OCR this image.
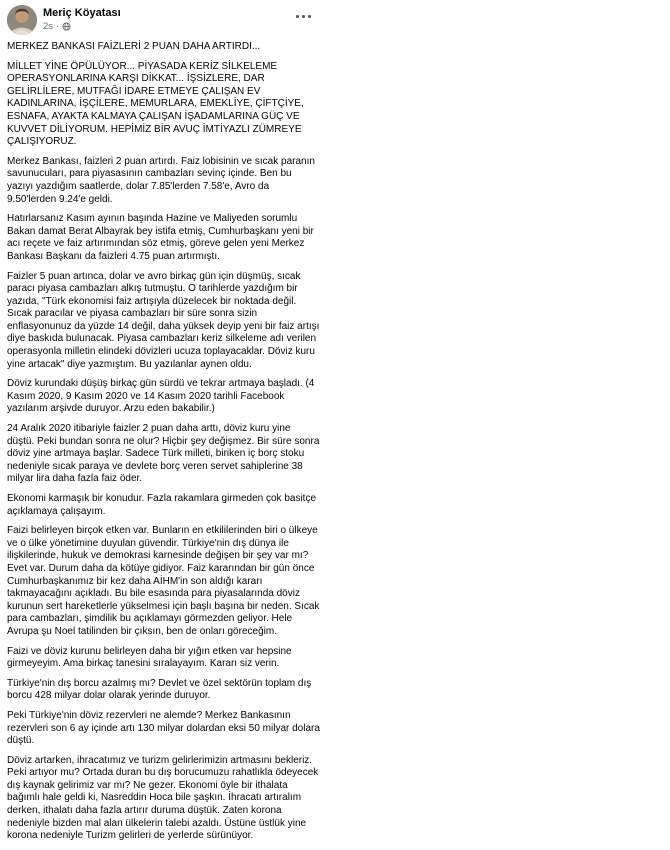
Meriç Köyatası
2s ·

MERKEZ BANKASI FAİZLERİ 2 PUAN DAHA ARTIRDI...

MİLLET YİNE ÖPÜLÜYOR... PİYASADA KERİZ SİLKELEME OPERASYONLARINA KARŞI DİKKAT... İŞSİZLERE, DAR GELİRLİLERE, MUTFAĞI İDARE ETMEYE ÇALIŞAN EV KADINLARINA, İŞÇİLERE, MEMURLARA, EMEKLİYE, ÇİFTÇİYE, ESNAFA, AYAKTA KALMAYA ÇALIŞAN İŞADAMLARINA GÜÇ VE KUVVET DİLİYORUM. HEPİMİZ BİR AVUÇ İMTİYAZLI ZÜMREYE ÇALIŞIYORUZ.

Merkez Bankası, faizleri 2 puan artırdı. Faiz lobisinin ve sıcak paranın savunucuları, para piyasasının cambazları sevinç içinde. Ben bu yazıyı yazdığım saatlerde, dolar 7.85'lerden 7.58'e, Avro da 9.50'lerden 9.24'e geldi.

Hatırlarsanız Kasım ayının başında Hazine ve Maliyeden sorumlu Bakan damat Berat Albayrak bey istifa etmiş, Cumhurbaşkanı yeni bir acı reçete ve faiz artırımından söz etmiş, göreve gelen yeni Merkez Bankası Başkanı da faizleri 4.75 puan artırmıştı.

Faizler 5 puan artınca, dolar ve avro birkaç gün için düşmüş, sıcak paracı piyasa cambazları alkış tutmuştu. O tarihlerde yazdığım bir yazıda, "Türk ekonomisi faiz artışıyla düzelecek bir noktada değil. Sıcak paracılar ve piyasa cambazları bir süre sonra sizin enflasyonunuz da yüzde 14 değil, daha yüksek deyip yeni bir faiz artışı diye baskıda bulunacak. Piyasa cambazları keriz silkeleme adı verilen operasyonla milletin elindeki dövizleri ucuza toplayacaklar. Döviz kuru yine artacak" diye yazmıştım. Bu yazılanlar aynen oldu.

Döviz kurundaki düşüş birkaç gün sürdü ve tekrar artmaya başladı. (4 Kasım 2020, 9 Kasım 2020 ve 14 Kasım 2020 tarihli Facebook yazılarım arşivde duruyor. Arzu eden bakabilir.)

24 Aralık 2020 itibariyle faizler 2 puan daha arttı, döviz kuru yine düştü. Peki bundan sonra ne olur? Hiçbir şey değişmez. Bir süre sonra döviz yine artmaya başlar. Sadece Türk milleti, biriken iç borç stoku nedeniyle sıcak paraya ve devlete borç veren servet sahiplerine 38 milyar lira daha fazla faiz öder.

Ekonomi karmaşık bir konudur. Fazla rakamlara girmeden çok basitçe açıklamaya çalışayım.

Faizi belirleyen birçok etken var. Bunların en etkililerinden biri o ülkeye ve o ülke yönetimine duyulan güvendir. Türkiye'nin dış dünya ile ilişkilerinde, hukuk ve demokrasi karnesinde değişen bir şey var mı? Evet var. Durum daha da kötüye gidiyor. Faiz kararından bir gün önce Cumhurbaşkanımız bir kez daha AİHM'in son aldığı kararı takmayacağını açıkladı. Bu bile esasında para piyasalarında döviz kurunun sert hareketlerle yükselmesi için başlı başına bir neden. Sıcak para cambazları, şimdilik bu açıklamayı görmezden geliyor. Hele Avrupa şu Noel tatilinden bir çıksın, ben de onları göreceğim.

Faizi ve döviz kurunu belirleyen daha bir yığın etken var hepsine girmeyeyim. Ama birkaç tanesini sıralayayım. Kararı siz verin.

Türkiye'nin dış borcu azalmış mı? Devlet ve özel sektörün toplam dış borcu 428 milyar dolar olarak yerinde duruyor.

Peki Türkiye'nin döviz rezervleri ne alemde? Merkez Bankasının rezervleri son 6 ay içinde artı 130 milyar dolardan eksi 50 milyar dolara düştü.

Döviz artarken, ihracatımız ve turizm gelirlerimizin artmasını bekleriz. Peki artıyor mu? Ortada duran bu dış borucumuzu rahatlıkla ödeyecek dış kaynak gelirimiz var mı? Ne gezer. Ekonomi öyle bir ithalata bağımlı hale geldi ki, Nasreddin Hoca bile şaşkın. İhracatı artıralım derken, ithalatı daha fazla artırır duruma düştük. Zaten korona nedeniyle bizden mal alan ülkelerin talebi azaldı. Üstüne üstlük yine korona nedeniyle Turizm gelirleri de yerlerde sürünüyor.
